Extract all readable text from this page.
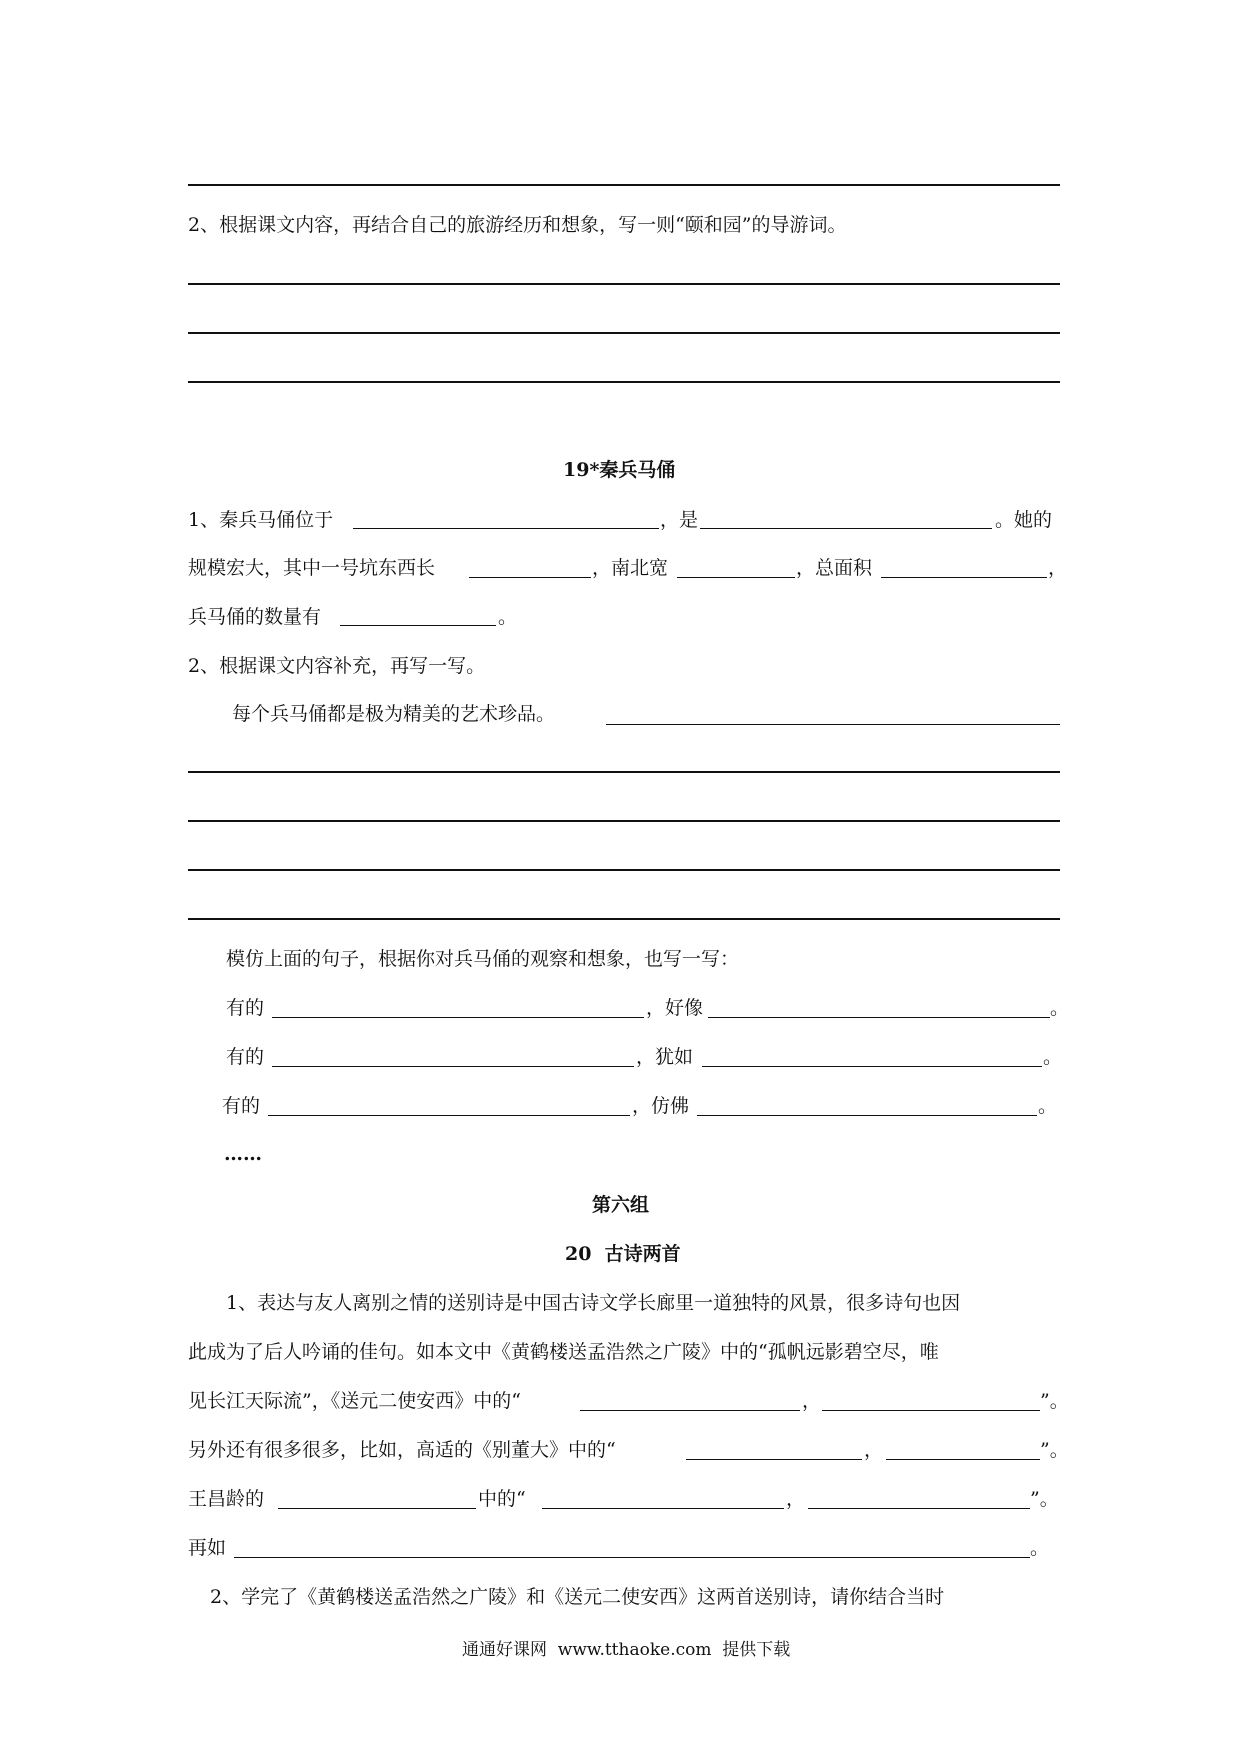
2、根据课文内容，再结合自己的旅游经历和想象，写一则“颐和园”的导游词。
19*秦兵马俑
1、秦兵马俑位于	，是	。她的
规模宏大，其中一号坑东西长	，南北宽	，总面积	，
兵马俑的数量有	。
2、根据课文内容补充，再写一写。
每个兵马俑都是极为精美的艺术珍品。
模仿上面的句子，根据你对兵马俑的观察和想象，也写一写：
有的	，好像	。
有的	，犹如	。
有的	，仿佛	。
……
第六组
20  古诗两首
1、表达与友人离别之情的送别诗是中国古诗文学长廊里一道独特的风景，很多诗句也因
此成为了后人吟诵的佳句。如本文中《黄鹤楼送孟浩然之广陵》中的“孤帆远影碧空尽，唯
见长江天际流”，《送元二使安西》中的“	，	”。
另外还有很多很多，比如，高适的《别董大》中的“	，	”。
王昌龄的	中的“	，	”。
再如	。
2、学完了《黄鹤楼送孟浩然之广陵》和《送元二使安西》这两首送别诗，请你结合当时
通通好课网  www.tthaoke.com  提供下载
